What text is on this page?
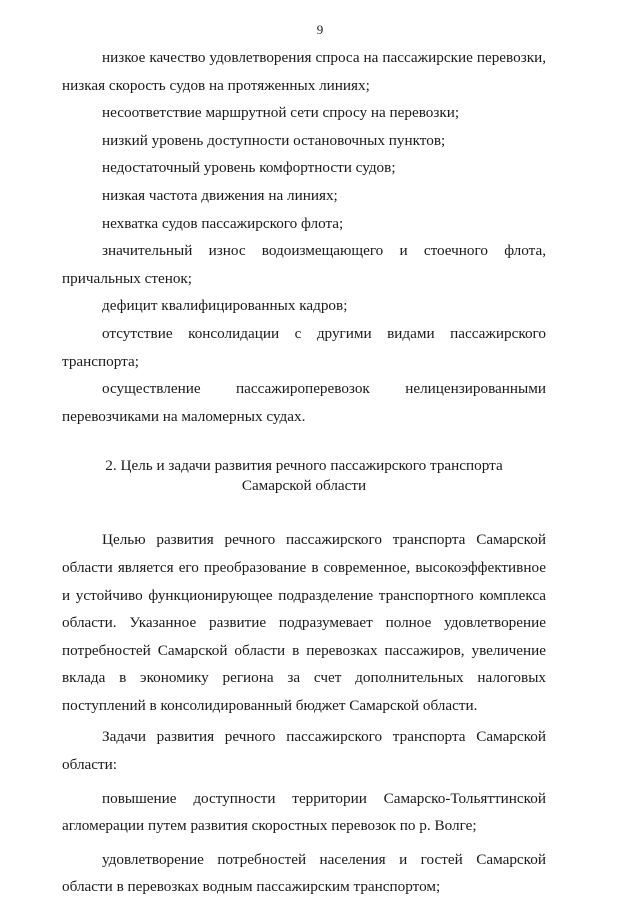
9

низкое качество удовлетворения спроса на пассажирские перевозки, низкая скорость судов на протяженных линиях;

несоответствие маршрутной сети спросу на перевозки;

низкий уровень доступности остановочных пунктов;

недостаточный уровень комфортности судов;

низкая частота движения на линиях;

нехватка судов пассажирского флота;

значительный износ водоизмещающего и стоечного флота, причальных стенок;

дефицит квалифицированных кадров;

отсутствие консолидации с другими видами пассажирского транспорта;

осуществление пассажироперевозок нелицензированными перевозчиками на маломерных судах.

2. Цель и задачи развития речного пассажирского транспорта
Самарской области

Целью развития речного пассажирского транспорта Самарской области является его преобразование в современное, высокоэффективное и устойчиво функционирующее подразделение транспортного комплекса области. Указанное развитие подразумевает полное удовлетворение потребностей Самарской области в перевозках пассажиров, увеличение вклада в экономику региона за счет дополнительных налоговых поступлений в консолидированный бюджет Самарской области.

Задачи развития речного пассажирского транспорта Самарской области:

повышение доступности территории Самарско-Тольяттинской агломерации путем развития скоростных перевозок по р. Волге;

удовлетворение потребностей населения и гостей Самарской области в перевозках водным пассажирским транспортом;
